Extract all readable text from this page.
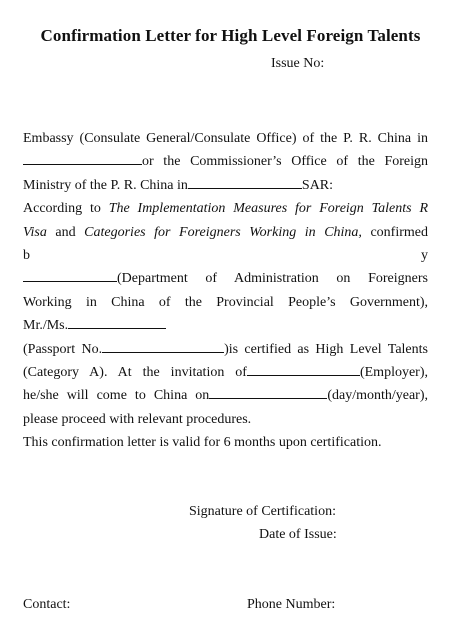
Confirmation Letter for High Level Foreign Talents
Issue No:
Embassy (Consulate General/Consulate Office) of the P. R. China in
or the Commissioner’s Office of the Foreign
Ministry of the P. R. China in	SAR:
According to The Implementation Measures for Foreign Talents R
Visa and Categories for Foreigners Working in China, confirmed
b	y
(Department of Administration on Foreigners
Working in China of the Provincial People’s Government),
Mr./Ms.
(Passport No.	)is certified as High Level Talents
(Category A). At the invitation of	(Employer),
he/she will come to China on	(day/month/year),
please proceed with relevant procedures.
This confirmation letter is valid for 6 months upon certification.
Signature of Certification:
Date of Issue:
Contact:	Phone Number:
